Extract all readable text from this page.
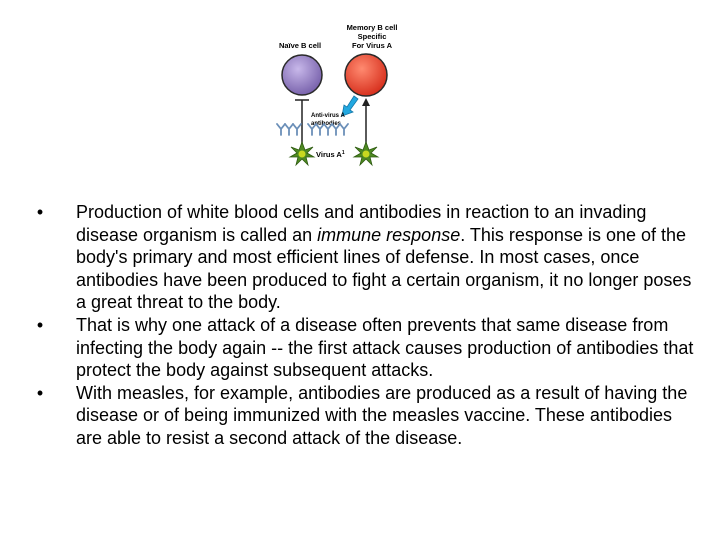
Memory B cell
Specific
For Virus A
Naïve B cell
Anti-virus A
antibodies
Virus $A^1$
•	Production of white blood cells and antibodies in reaction to an invading disease organism is called an immune response. This response is one of the body's primary and most efficient lines of defense. In most cases, once antibodies have been produced to fight a certain organism, it no longer poses a great threat to the body.
•	That is why one attack of a disease often prevents that same disease from infecting the body again -- the first attack causes production of antibodies that protect the body against subsequent attacks.
•	With measles, for example, antibodies are produced as a result of having the disease or of being immunized with the measles vaccine. These antibodies are able to resist a second attack of the disease.
